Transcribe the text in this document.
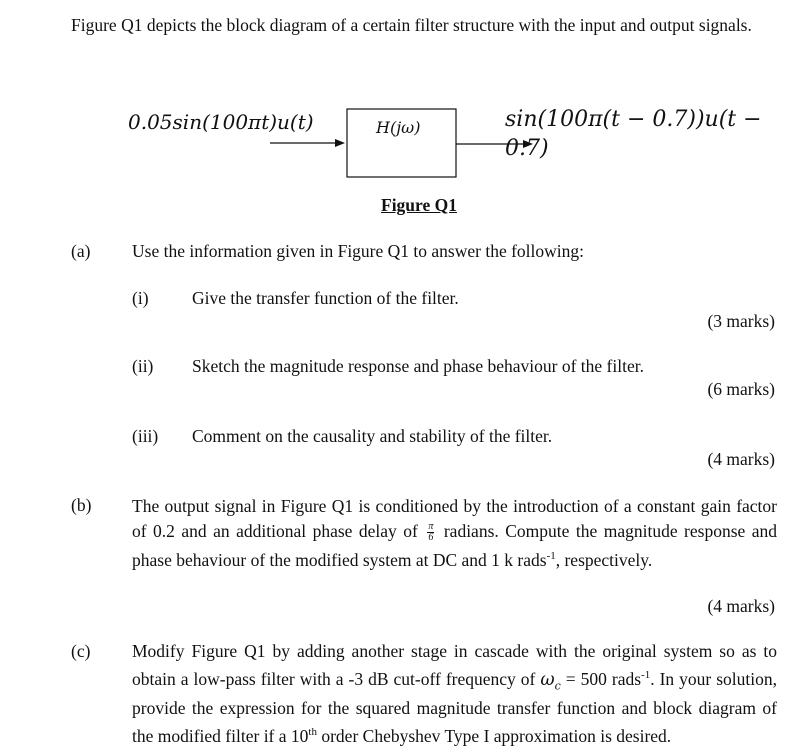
Figure Q1 depicts the block diagram of a certain filter structure with the input and output signals.
0.05sin(100πt)u(t)	H(jω)	sin(100π(t − 0.7))u(t − 0.7)
Figure Q1
(a) Use the information given in Figure Q1 to answer the following:
(i) Give the transfer function of the filter.
(3 marks)
(ii) Sketch the magnitude response and phase behaviour of the filter.
(6 marks)
(iii) Comment on the causality and stability of the filter.
(4 marks)
(b) The output signal in Figure Q1 is conditioned by the introduction of a constant gain factor of 0.2 and an additional phase delay of $\frac{\pi}{6}$ radians. Compute the magnitude response and phase behaviour of the modified system at DC and 1 k rads$^{-1}$, respectively.
(4 marks)
(c) Modify Figure Q1 by adding another stage in cascade with the original system so as to obtain a low-pass filter with a -3 dB cut-off frequency of $\omega_c = 500$ rads$^{-1}$. In your solution, provide the expression for the squared magnitude transfer function and block diagram of the modified filter if a 10th order Chebyshev Type I approximation is desired.
